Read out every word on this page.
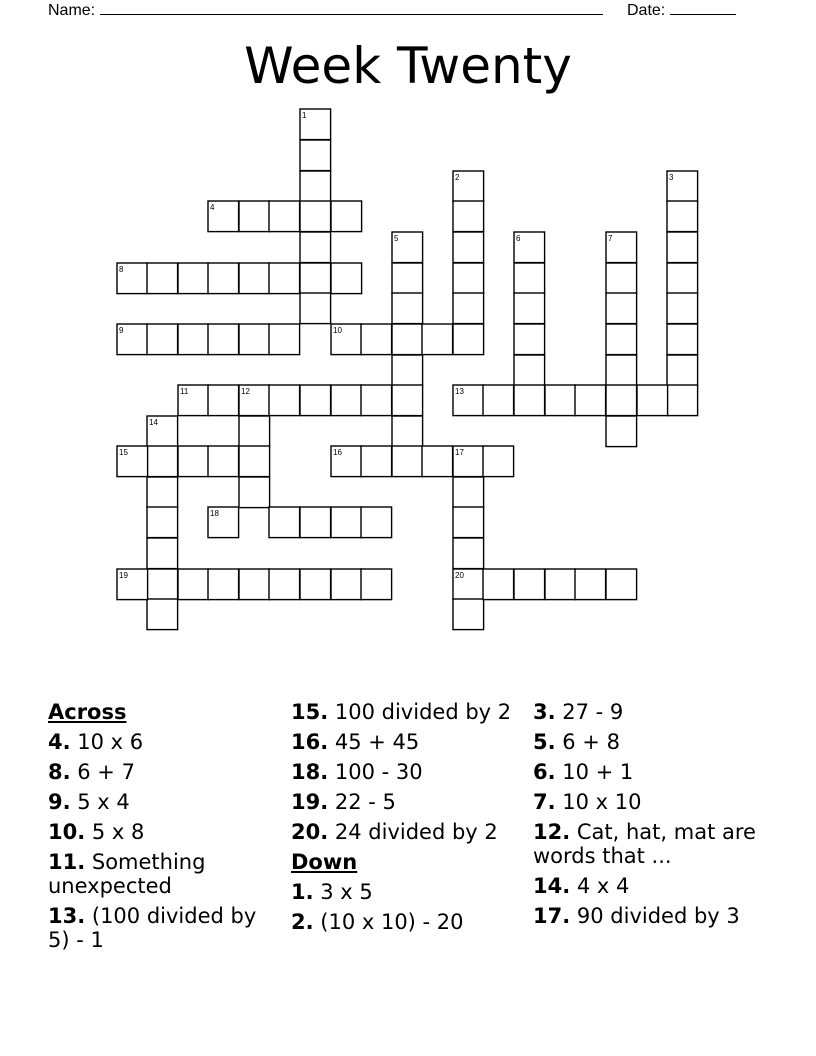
Name:	Date:
Week Twenty
1
2	3
4
5	6	7
8
9	10
11	12	13
14
15	16	17
18
19	20
Across
4. 10 x 6
8. 6 + 7
9. 5 x 4
10. 5 x 8
11. Something unexpected
13. (100 divided by 5) - 1
15. 100 divided by 2
16. 45 + 45
18. 100 - 30
19. 22 - 5
20. 24 divided by 2
Down
1. 3 x 5
2. (10 x 10) - 20
3. 27 - 9
5. 6 + 8
6. 10 + 1
7. 10 x 10
12. Cat, hat, mat are words that ...
14. 4 x 4
17. 90 divided by 3
